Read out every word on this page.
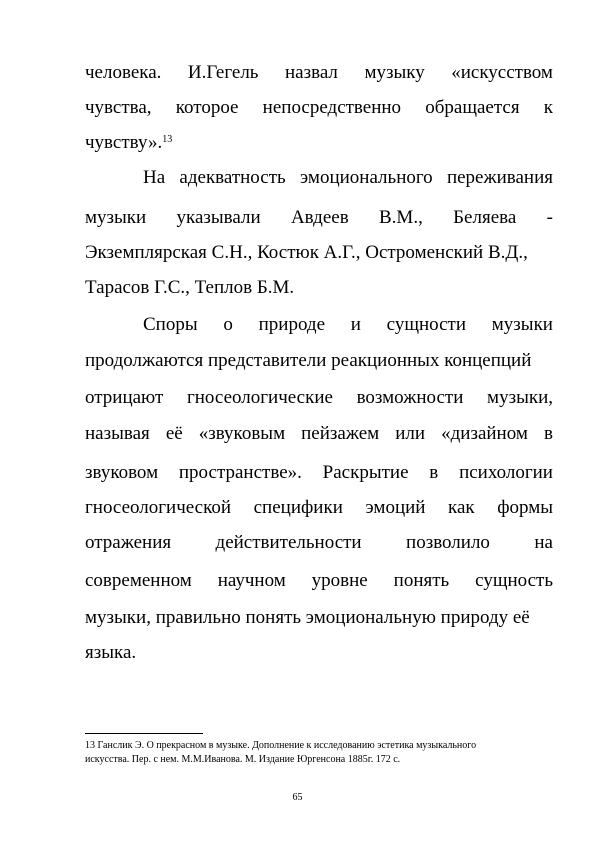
человека. И.Гегель назвал музыку «искусством
чувства, которое непосредственно обращается к
чувству».$^{13}$
На адекватность эмоционального переживания
музыки указывали Авдеев В.М., Беляева -
Экземплярская С.Н., Костюк А.Г., Остроменский В.Д.,
Тарасов Г.С., Теплов Б.М.
Споры о природе и сущности музыки
продолжаются представители реакционных концепций
отрицают гносеологические возможности музыки,
называя её «звуковым пейзажем или «дизайном в
звуковом пространстве». Раскрытие в психологии
гносеологической специфики эмоций как формы
отражения действительности позволило на
современном научном уровне понять сущность
музыки, правильно понять эмоциональную природу её
языка.
13 Ганслик Э. О прекрасном в музыке. Дополнение к исследованию эстетика музыкального
искусства. Пер. с нем. М.М.Иванова. М. Издание Юргенсона 1885г. 172 с.
65
